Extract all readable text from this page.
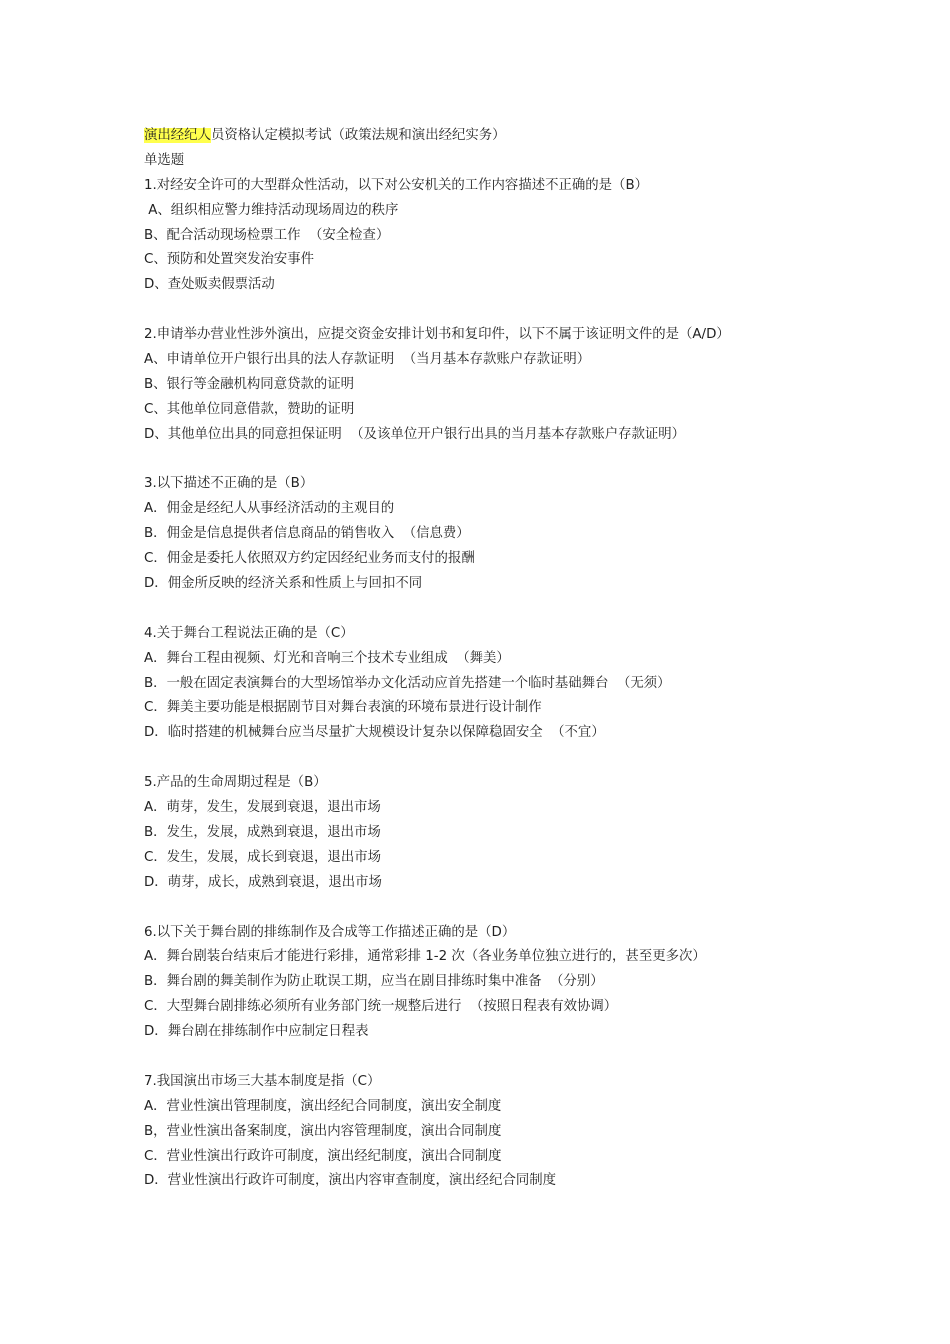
演出经纪人员资格认定模拟考试（政策法规和演出经纪实务）
单选题
1.对经安全许可的大型群众性活动，以下对公安机关的工作内容描述不正确的是（B）
A、组织相应警力维持活动现场周边的秩序
B、配合活动现场检票工作  （安全检查）
C、预防和处置突发治安事件
D、查处贩卖假票活动
2.申请举办营业性涉外演出，应提交资金安排计划书和复印件，以下不属于该证明文件的是（A/D）
A、申请单位开户银行出具的法人存款证明  （当月基本存款账户存款证明）
B、银行等金融机构同意贷款的证明
C、其他单位同意借款，赞助的证明
D、其他单位出具的同意担保证明  （及该单位开户银行出具的当月基本存款账户存款证明）
3.以下描述不正确的是（B）
A．佣金是经纪人从事经济活动的主观目的
B．佣金是信息提供者信息商品的销售收入  （信息费）
C．佣金是委托人依照双方约定因经纪业务而支付的报酬
D．佣金所反映的经济关系和性质上与回扣不同
4.关于舞台工程说法正确的是（C）
A．舞台工程由视频、灯光和音响三个技术专业组成  （舞美）
B．一般在固定表演舞台的大型场馆举办文化活动应首先搭建一个临时基础舞台  （无须）
C．舞美主要功能是根据剧节目对舞台表演的环境布景进行设计制作
D．临时搭建的机械舞台应当尽量扩大规模设计复杂以保障稳固安全  （不宜）
5.产品的生命周期过程是（B）
A．萌芽，发生，发展到衰退，退出市场
B．发生，发展，成熟到衰退，退出市场
C．发生，发展，成长到衰退，退出市场
D．萌芽，成长，成熟到衰退，退出市场
6.以下关于舞台剧的排练制作及合成等工作描述正确的是（D）
A．舞台剧装台结束后才能进行彩排，通常彩排 1-2 次（各业务单位独立进行的，甚至更多次）
B．舞台剧的舞美制作为防止耽误工期，应当在剧目排练时集中准备  （分别）
C．大型舞台剧排练必须所有业务部门统一规整后进行  （按照日程表有效协调）
D．舞台剧在排练制作中应制定日程表
7.我国演出市场三大基本制度是指（C）
A．营业性演出管理制度，演出经纪合同制度，演出安全制度
B，营业性演出备案制度，演出内容管理制度，演出合同制度
C．营业性演出行政许可制度，演出经纪制度，演出合同制度
D．营业性演出行政许可制度，演出内容审查制度，演出经纪合同制度
